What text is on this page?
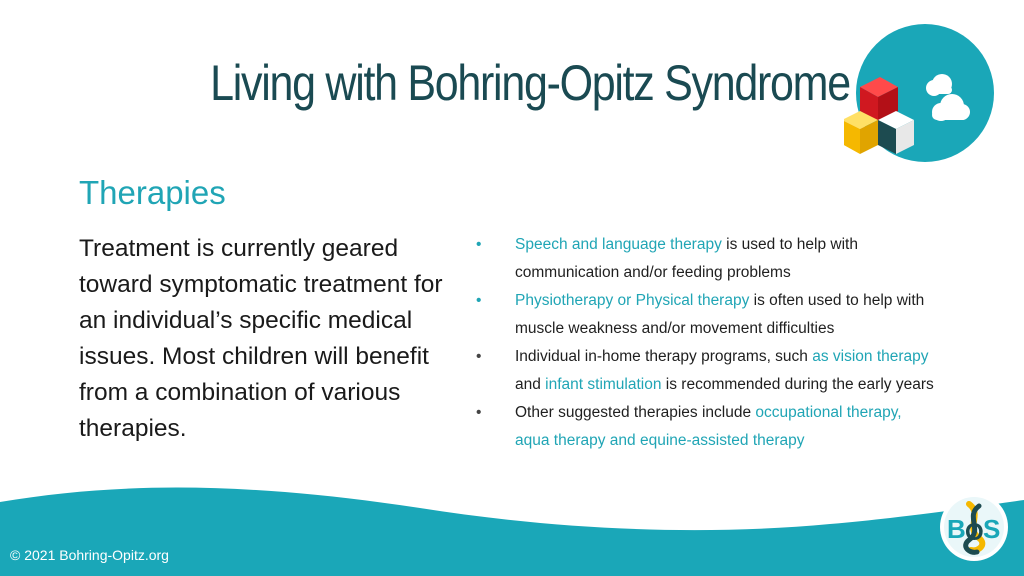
Living with Bohring-Opitz Syndrome
Therapies
Treatment is currently geared toward symptomatic treatment for an individual’s specific medical issues. Most children will benefit from a combination of various therapies.
• Speech and language therapy is used to help with communication and/or feeding problems
• Physiotherapy or Physical therapy is often used to help with muscle weakness and/or movement difficulties
• Individual in-home therapy programs, such as vision therapy and infant stimulation is recommended during the early years
• Other suggested therapies include occupational therapy, aqua therapy and equine-assisted therapy
© 2021 Bohring-Opitz.org
B O S
